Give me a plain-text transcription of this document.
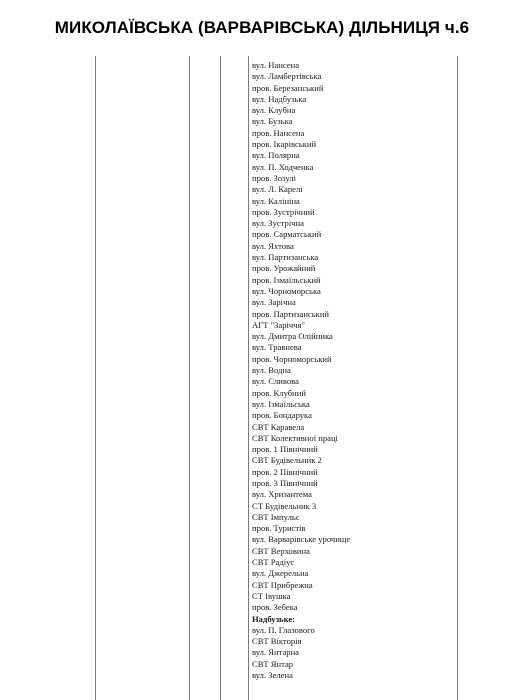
МИКОЛАЇВСЬКА (ВАРВАРІВСЬКА) ДІЛЬНИЦЯ ч.6
вул. Нансена
вул. Ламбертівська
пров. Березанський
вул. Надбузька
вул. Клубна
вул. Бузька
пров. Нансена
пров. Ікарівський
вул. Полярна
вул. П. Ходченка
пров. Зозулі
вул. Л. Карелі
вул. Калініна
пров. Зустрічний
вул. Зустрічна
пров. Сарматський
вул. Яхтова
вул. Партизанська
пров. Урожайний
пров. Ізмаїльський
вул. Чорноморська
вул. Зарічна
пров. Партизанський
АГТ "Заріччя"
вул. Дмитра Олійника
вул. Травнева
пров. Чорноморський
вул. Водна
вул. Сливова
пров. Клубний
вул. Ізмаїльська
пров. Бондарука
СВТ Каравела
СВТ Колективної праці
пров. 1 Північний
СВТ Будівельник 2
пров. 2 Північний
пров. 3 Північний
вул. Хризантема
СТ Будівельник 3
СВТ Імпульс
пров. Туристів
вул. Варварівське урочище
СВТ Верховина
СВТ Радіус
вул. Джерельна
СВТ Прибрежна
СТ Івушка
пров. Зебека
Надбузьке:
вул. П. Глазового
СВТ Вікторія
вул. Янтарна
СВТ Янтар
вул. Зелена
